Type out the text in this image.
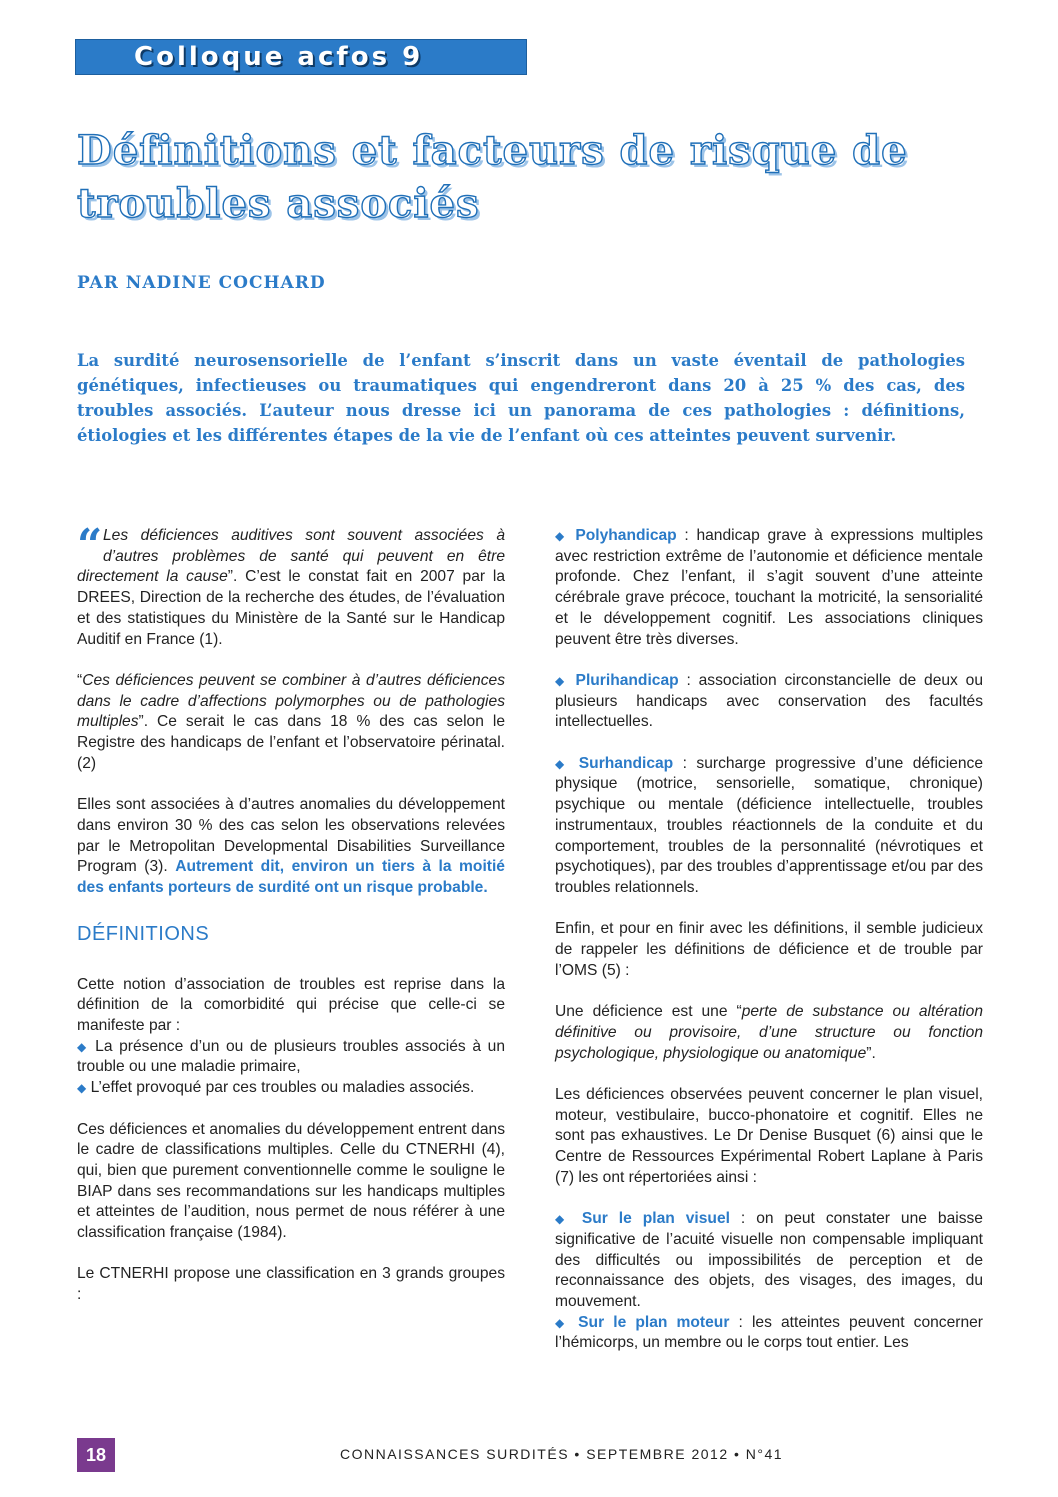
Colloque acfos 9
Définitions et facteurs de risque de troubles associés
PAR NADINE COCHARD

La surdité neurosensorielle de l’enfant s’inscrit dans un vaste éventail de pathologies génétiques, infectieuses ou traumatiques qui engendreront dans 20 à 25 % des cas, des troubles associés. L’auteur nous dresse ici un panorama de ces pathologies : définitions, étiologies et les différentes étapes de la vie de l’enfant où ces atteintes peuvent survenir.

“ Les déficiences auditives sont souvent associées à d’autres problèmes de santé qui peuvent en être directement la cause”. C’est le constat fait en 2007 par la DREES, Direction de la recherche des études, de l’évaluation et des statistiques du Ministère de la Santé sur le Handicap Auditif en France (1).

“Ces déficiences peuvent se combiner à d’autres déficiences dans le cadre d’affections polymorphes ou de pathologies multiples”. Ce serait le cas dans 18 % des cas selon le Registre des handicaps de l’enfant et l’observatoire périnatal. (2)

Elles sont associées à d’autres anomalies du développement dans environ 30 % des cas selon les observations relevées par le Metropolitan Developmental Disabilities Surveillance Program (3). Autrement dit, environ un tiers à la moitié des enfants porteurs de surdité ont un risque probable.

DÉFINITIONS

Cette notion d’association de troubles est reprise dans la définition de la comorbidité qui précise que celle-ci se manifeste par :

◆ La présence d’un ou de plusieurs troubles associés à un trouble ou une maladie primaire,

◆ L’effet provoqué par ces troubles ou maladies associés.

Ces déficiences et anomalies du développement entrent dans le cadre de classifications multiples. Celle du CTNERHI (4), qui, bien que purement conventionnelle comme le souligne le BIAP dans ses recommandations sur les handicaps multiples et atteintes de l’audition, nous permet de nous référer à une classification française (1984).

Le CTNERHI propose une classification en 3 grands groupes :

◆ Polyhandicap : handicap grave à expressions multiples avec restriction extrême de l’autonomie et déficience mentale profonde. Chez l’enfant, il s’agit souvent d’une atteinte cérébrale grave précoce, touchant la motricité, la sensorialité et le développement cognitif. Les associations cliniques peuvent être très diverses.

◆ Plurihandicap : association circonstancielle de deux ou plusieurs handicaps avec conservation des facultés intellectuelles.

◆ Surhandicap : surcharge progressive d’une déficience physique (motrice, sensorielle, somatique, chronique) psychique ou mentale (déficience intellectuelle, troubles instrumentaux, troubles réactionnels de la conduite et du comportement, troubles de la personnalité (névrotiques et psychotiques), par des troubles d’apprentissage et/ou par des troubles relationnels.

Enfin, et pour en finir avec les définitions, il semble judicieux de rappeler les définitions de déficience et de trouble par l’OMS (5) :

Une déficience est une “perte de substance ou altération définitive ou provisoire, d’une structure ou fonction psychologique, physiologique ou anatomique”.

Les déficiences observées peuvent concerner le plan visuel, moteur, vestibulaire, bucco-phonatoire et cognitif. Elles ne sont pas exhaustives. Le Dr Denise Busquet (6) ainsi que le Centre de Ressources Expérimental Robert Laplane à Paris (7) les ont répertoriées ainsi :

◆ Sur le plan visuel : on peut constater une baisse significative de l’acuité visuelle non compensable impliquant des difficultés ou impossibilités de perception et de reconnaissance des objets, des visages, des images, du mouvement.

◆ Sur le plan moteur : les atteintes peuvent concerner l’hémicorps, un membre ou le corps tout entier. Les

18	CONNAISSANCES SURDITÉS • SEPTEMBRE 2012 • N°41
